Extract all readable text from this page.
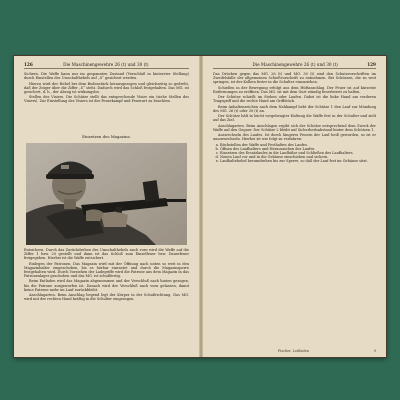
126	Die Maschinengewehre 26 (t) und 30 (t)

Sichern. Die Waffe kann nur im gespannten Zustand (Verschluß in hinterster Stellung) durch Einstellen des Umschalthebels auf „S“ gesichert werden.

Hierzu wird der Hebel bei dem Bodenstück herausgezogen und gleichzeitig so gedreht, daß der Zeiger über die Ziffer „S“ steht. Dadurch wird das Schloß festgehalten. Das MG. ist gesichert, d. h., der Abzug ist wirkungslos.

Stellen des Visiers. Die Schütze stellt das entsprechende Visier ein (siehe Stellen des Visiers). Zur Einstellung des Visiers ist der Feuerkampf und Feuerart zu beachten.

Einsetzen des Magazins.

Entsichern. Durch das Zurückdrehen des Umschalthebels nach vorn wird die Waffe auf die Ziffer 1 bzw. 20 gestellt und dann ist das Schloß zum Einzelfeuer bzw. Dauerfeuer freigegeben. Hierbei ist die Waffe entsichert.

Einlegen der Patronen. Das Magazin wird mit der Öffnung nach unten so weit in den Magazinhalter eingeschoben, bis es hörbar einrastet und durch die Magazinsperre festgehalten wird. Durch Vorziehen der Ladegriffe wird die Patrone aus dem Magazin in das Patronenlager geschoben und das MG. ist schußfertig.

Beim Entladen wird das Magazin abgenommen und der Verschluß nach hinten gezogen, bis die Patrone ausgeworfen ist. Danach wird der Verschluß nach vorn gelassen, damit keine Patrone mehr im Lauf zurückbleibt.

Anschlagarten. Beim Anschlag liegend legt der Körper in der Schußrichtung. Das MG. wird mit der rechten Hand kräftig in die Schulter eingezogen.

Die Maschinengewehre 26 (t) und 30 (t)	129

Das Drücken gegen das MG. 26 (t) und MG. 30 (t) sind den Schutzvorschriften im Zweifelsfalle der allgemeinen Schießvorschrift zu entnehmen. Bei Schüssen, die zu weit springen, ist der Kolben fester in die Schulter einzuziehen.

Schießen in der Bewegung erfolgt aus dem Hüftanschlag. Der Feuer ist auf kürzeste Entfernungen zu eröffnen. Das MG. ist mit dem Gurt ständig feuerbereit zu halten.

Der Schütze schießt im Stehen oder Laufen. Dabei ist die linke Hand am vorderen Tragegriff und die rechte Hand am Griffstück.

Beim Anhaltenzeichen nach dem Nahkampf hebt der Schütze 1 den Lauf zur Mündung des MG. 26 (t) oder 30 (t) an.

Der Schütze hält in leicht vorgebeugter Haltung die Waffe fest in der Schulter und zielt auf das Ziel.

Anschlagarten. Beim Anschlagen ergibt sich der Schütze entsprechend dem Zweck der Waffe auf den Gegner. Der Schütze 2 bleibt auf Sicherheitsabstand hinter dem Schützen 1.

Auswechseln des Laufes. Ist durch längeres Feuern der Lauf heiß geworden, so ist er auszuwechseln. Hierbei ist wie folgt zu verfahren:

a. Rückstellen der Waffe und Festhalten des Laufes.
b. Öffnen des Laufhalters und Herausziehen des Laufes.
c. Einsetzen des Ersatzlaufes in die Laufhülse und Schließen des Laufhalters.
d. Neuen Lauf vor und in die Gehäuse einschieben und sichern.
e. Laufhaltehebel herumdrehen bis zur Sperre, so daß der Lauf fest im Gehäuse sitzt.
Fischer, Leitfaden	9
